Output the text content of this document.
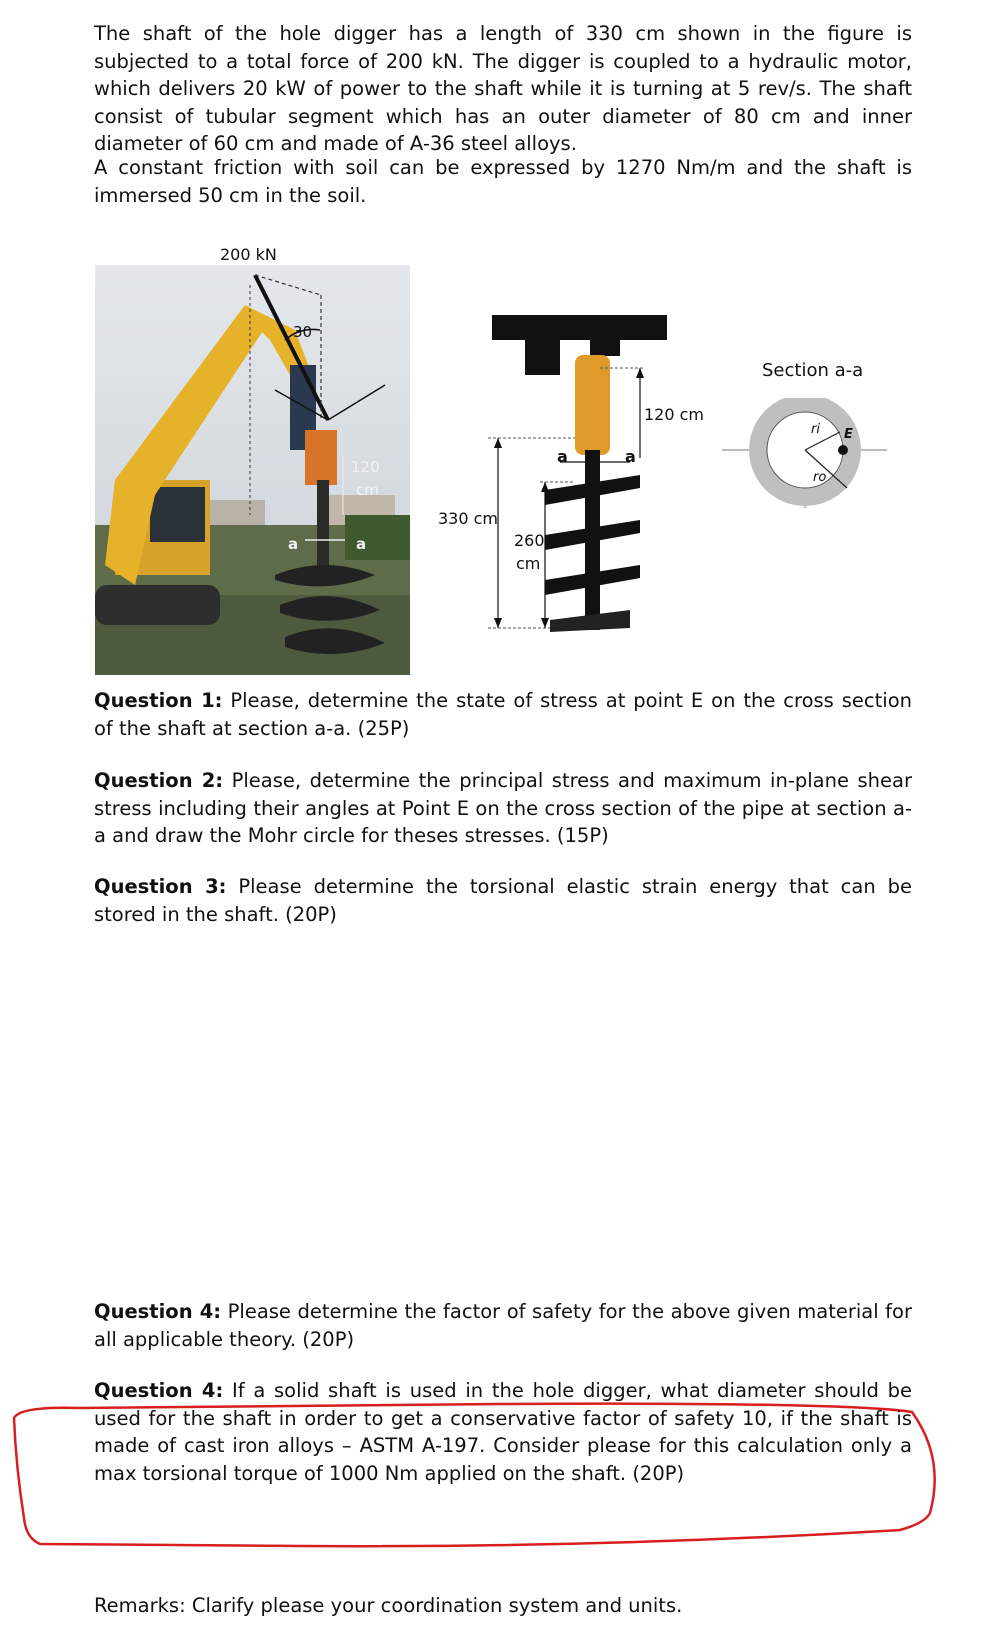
The shaft of the hole digger has a length of 330 cm shown in the figure is subjected to a total force of 200 kN. The digger is coupled to a hydraulic motor, which delivers 20 kW of power to the shaft while it is turning at 5 rev/s. The shaft consist of tubular segment which has an outer diameter of 80 cm and inner diameter of 60 cm and made of A-36 steel alloys.

A constant friction with soil can be expressed by 1270 Nm/m and the shaft is immersed 50 cm in the soil.

200 kN
30
120
cm
a	a
330 cm
260
cm
120 cm
a	a
Section a-a
ri
ro
E

Question 1: Please, determine the state of stress at point E on the cross section of the shaft at section a-a. (25P)

Question 2: Please, determine the principal stress and maximum in-plane shear stress including their angles at Point E on the cross section of the pipe at section a-a and draw the Mohr circle for theses stresses. (15P)

Question 3: Please determine the torsional elastic strain energy that can be stored in the shaft. (20P)

Question 4: Please determine the factor of safety for the above given material for all applicable theory. (20P)

Question 4: If a solid shaft is used in the hole digger, what diameter should be used for the shaft in order to get a conservative factor of safety 10, if the shaft is made of cast iron alloys – ASTM A-197. Consider please for this calculation only a max torsional torque of 1000 Nm applied on the shaft. (20P)

Remarks: Clarify please your coordination system and units.
